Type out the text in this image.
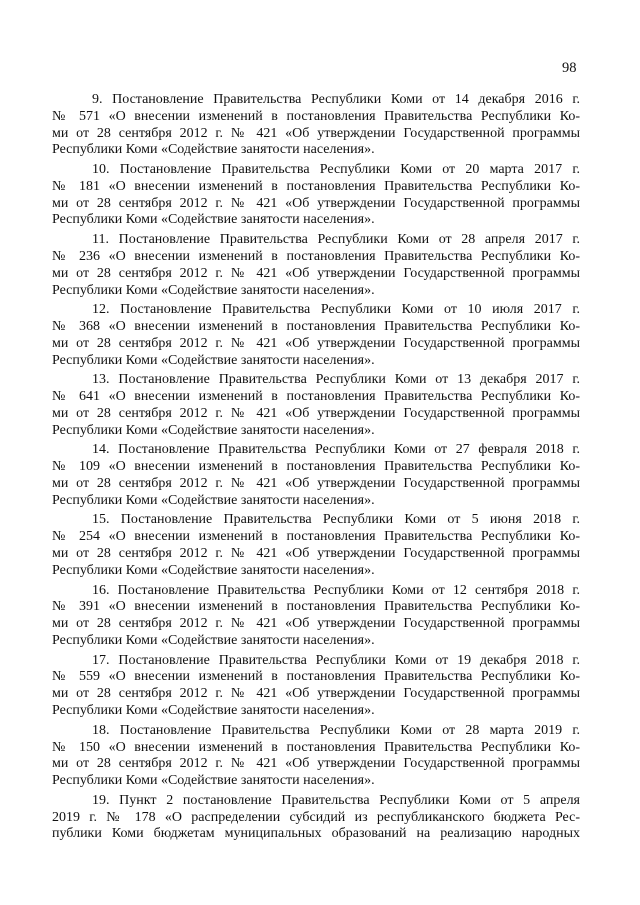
98
9. Постановление Правительства Республики Коми от 14 декабря 2016 г.
№ 571 «О внесении изменений в постановления Правительства Республики Ко-
ми от 28 сентября 2012 г. № 421 «Об утверждении Государственной программы
Республики Коми «Содействие занятости населения».
10. Постановление Правительства Республики Коми от 20 марта 2017 г.
№ 181 «О внесении изменений в постановления Правительства Республики Ко-
ми от 28 сентября 2012 г. № 421 «Об утверждении Государственной программы
Республики Коми «Содействие занятости населения».
11. Постановление Правительства Республики Коми от 28 апреля 2017 г.
№ 236 «О внесении изменений в постановления Правительства Республики Ко-
ми от 28 сентября 2012 г. № 421 «Об утверждении Государственной программы
Республики Коми «Содействие занятости населения».
12. Постановление Правительства Республики Коми от 10 июля 2017 г.
№ 368 «О внесении изменений в постановления Правительства Республики Ко-
ми от 28 сентября 2012 г. № 421 «Об утверждении Государственной программы
Республики Коми «Содействие занятости населения».
13. Постановление Правительства Республики Коми от 13 декабря 2017 г.
№ 641 «О внесении изменений в постановления Правительства Республики Ко-
ми от 28 сентября 2012 г. № 421 «Об утверждении Государственной программы
Республики Коми «Содействие занятости населения».
14. Постановление Правительства Республики Коми от 27 февраля 2018 г.
№ 109 «О внесении изменений в постановления Правительства Республики Ко-
ми от 28 сентября 2012 г. № 421 «Об утверждении Государственной программы
Республики Коми «Содействие занятости населения».
15. Постановление Правительства Республики Коми от 5 июня 2018 г.
№ 254 «О внесении изменений в постановления Правительства Республики Ко-
ми от 28 сентября 2012 г. № 421 «Об утверждении Государственной программы
Республики Коми «Содействие занятости населения».
16. Постановление Правительства Республики Коми от 12 сентября 2018 г.
№ 391 «О внесении изменений в постановления Правительства Республики Ко-
ми от 28 сентября 2012 г. № 421 «Об утверждении Государственной программы
Республики Коми «Содействие занятости населения».
17. Постановление Правительства Республики Коми от 19 декабря 2018 г.
№ 559 «О внесении изменений в постановления Правительства Республики Ко-
ми от 28 сентября 2012 г. № 421 «Об утверждении Государственной программы
Республики Коми «Содействие занятости населения».
18. Постановление Правительства Республики Коми от 28 марта 2019 г.
№ 150 «О внесении изменений в постановления Правительства Республики Ко-
ми от 28 сентября 2012 г. № 421 «Об утверждении Государственной программы
Республики Коми «Содействие занятости населения».
19. Пункт 2 постановление Правительства Республики Коми от 5 апреля
2019 г. № 178 «О распределении субсидий из республиканского бюджета Рес-
публики Коми бюджетам муниципальных образований на реализацию народных
